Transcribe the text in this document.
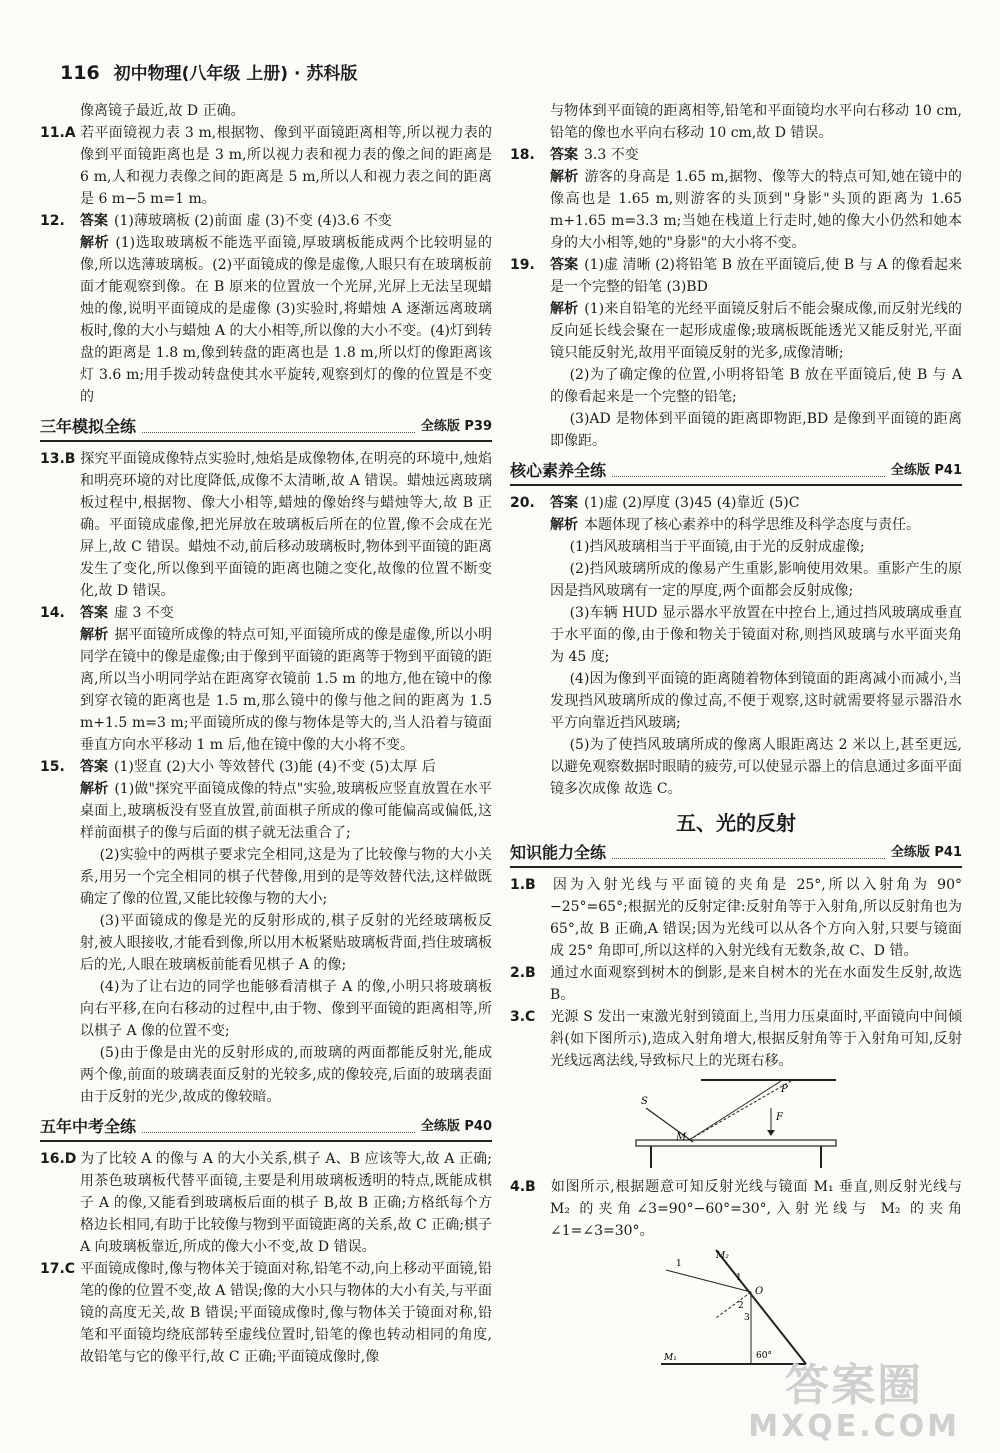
116 初中物理(八年级 上册) · 苏科版

像离镜子最近,故 D 正确。

11.A 若平面镜视力表 3 m,根据物、像到平面镜距离相等,所以视力表的像到平面镜距离也是 3 m,所以视力表和视力表的像之间的距离是 6 m,人和视力表像之间的距离是 5 m,所以人和视力表之间的距离是 6 m−5 m=1 m。

12. 答案 (1)薄玻璃板 (2)前面 虚 (3)不变 (4)3.6 不变

解析 (1)选取玻璃板不能选平面镜,厚玻璃板能成两个比较明显的像,所以选薄玻璃板。(2)平面镜成的像是虚像,人眼只有在玻璃板前面才能观察到像。在 B 原来的位置放一个光屏,光屏上无法呈现蜡烛的像,说明平面镜成的是虚像 (3)实验时,将蜡烛 A 逐渐远离玻璃板时,像的大小与蜡烛 A 的大小相等,所以像的大小不变。(4)灯到转盘的距离是 1.8 m,像到转盘的距离也是 1.8 m,所以灯的像距离该灯 3.6 m;用手拨动转盘使其水平旋转,观察到灯的像的位置是不变的

三年模拟全练	全练版 P39

13.B 探究平面镜成像特点实验时,烛焰是成像物体,在明亮的环境中,烛焰和明亮环境的对比度降低,成像不太清晰,故 A 错误。蜡烛远离玻璃板过程中,根据物、像大小相等,蜡烛的像始终与蜡烛等大,故 B 正确。平面镜成虚像,把光屏放在玻璃板后所在的位置,像不会成在光屏上,故 C 错误。蜡烛不动,前后移动玻璃板时,物体到平面镜的距离发生了变化,所以像到平面镜的距离也随之变化,故像的位置不断变化,故 D 错误。

14. 答案 虚 3 不变

解析 据平面镜所成像的特点可知,平面镜所成的像是虚像,所以小明同学在镜中的像是虚像;由于像到平面镜的距离等于物到平面镜的距离,所以当小明同学站在距离穿衣镜前 1.5 m 的地方,他在镜中的像到穿衣镜的距离也是 1.5 m,那么镜中的像与他之间的距离为 1.5 m+1.5 m=3 m;平面镜所成的像与物体是等大的,当人沿着与镜面垂直方向水平移动 1 m 后,他在镜中像的大小将不变。

15. 答案 (1)竖直 (2)大小 等效替代 (3)能 (4)不变 (5)太厚 后

解析 (1)做"探究平面镜成像的特点"实验,玻璃板应竖直放置在水平桌面上,玻璃板没有竖直放置,前面棋子所成的像可能偏高或偏低,这样前面棋子的像与后面的棋子就无法重合了;

(2)实验中的两棋子要求完全相同,这是为了比较像与物的大小关系,用另一个完全相同的棋子代替像,用到的是等效替代法,这样做既确定了像的位置,又能比较像与物的大小;

(3)平面镜成的像是光的反射形成的,棋子反射的光经玻璃板反射,被人眼接收,才能看到像,所以用木板紧贴玻璃板背面,挡住玻璃板后的光,人眼在玻璃板前能看见棋子 A 的像;

(4)为了让右边的同学也能够看清棋子 A 的像,小明只将玻璃板向右平移,在向右移动的过程中,由于物、像到平面镜的距离相等,所以棋子 A 像的位置不变;

(5)由于像是由光的反射形成的,而玻璃的两面都能反射光,能成两个像,前面的玻璃表面反射的光较多,成的像较亮,后面的玻璃表面由于反射的光少,故成的像较暗。

五年中考全练	全练版 P40

16.D 为了比较 A 的像与 A 的大小关系,棋子 A、B 应该等大,故 A 正确;用茶色玻璃板代替平面镜,主要是利用玻璃板透明的特点,既能成棋子 A 的像,又能看到玻璃板后面的棋子 B,故 B 正确;方格纸每个方格边长相同,有助于比较像与物到平面镜距离的关系,故 C 正确;棋子 A 向玻璃板靠近,所成的像大小不变,故 D 错误。

17.C 平面镜成像时,像与物体关于镜面对称,铅笔不动,向上移动平面镜,铅笔的像的位置不变,故 A 错误;像的大小只与物体的大小有关,与平面镜的高度无关,故 B 错误;平面镜成像时,像与物体关于镜面对称,铅笔和平面镜均绕底部转至虚线位置时,铅笔的像也转动相同的角度,故铅笔与它的像平行,故 C 正确;平面镜成像时,像

与物体到平面镜的距离相等,铅笔和平面镜均水平向右移动 10 cm,铅笔的像也水平向右移动 10 cm,故 D 错误。

18. 答案 3.3 不变

解析 游客的身高是 1.65 m,据物、像等大的特点可知,她在镜中的像高也是 1.65 m,则游客的头顶到"身影"头顶的距离为 1.65 m+1.65 m=3.3 m;当她在栈道上行走时,她的像大小仍然和她本身的大小相等,她的"身影"的大小将不变。

19. 答案 (1)虚 清晰 (2)将铅笔 B 放在平面镜后,使 B 与 A 的像看起来是一个完整的铅笔 (3)BD

解析 (1)来自铅笔的光经平面镜反射后不能会聚成像,而反射光线的反向延长线会聚在一起形成虚像;玻璃板既能透光又能反射光,平面镜只能反射光,故用平面镜反射的光多,成像清晰;

(2)为了确定像的位置,小明将铅笔 B 放在平面镜后,使 B 与 A 的像看起来是一个完整的铅笔;

(3)AD 是物体到平面镜的距离即物距,BD 是像到平面镜的距离即像距。

核心素养全练	全练版 P41

20. 答案 (1)虚 (2)厚度 (3)45 (4)靠近 (5)C

解析 本题体现了核心素养中的科学思维及科学态度与责任。

(1)挡风玻璃相当于平面镜,由于光的反射成虚像;

(2)挡风玻璃所成的像易产生重影,影响使用效果。重影产生的原因是挡风玻璃有一定的厚度,两个面都会反射成像;

(3)车辆 HUD 显示器水平放置在中控台上,通过挡风玻璃成垂直于水平面的像,由于像和物关于镜面对称,则挡风玻璃与水平面夹角为 45 度;

(4)因为像到平面镜的距离随着物体到镜面的距离减小而减小,当发现挡风玻璃所成的像过高,不便于观察,这时就需要将显示器沿水平方向靠近挡风玻璃;

(5)为了使挡风玻璃所成的像离人眼距离达 2 米以上,甚至更远,以避免观察数据时眼睛的疲劳,可以使显示器上的信息通过多面平面镜多次成像 故选 C。

五、光的反射
知识能力全练	全练版 P41

1.B 因为入射光线与平面镜的夹角是 25°,所以入射角为 90°−25°=65°;根据光的反射定律:反射角等于入射角,所以反射角也为 65°,故 B 正确,A 错误;因为光线可以从各个方向入射,只要与镜面成 25° 角即可,所以这样的入射光线有无数条,故 C、D 错。

2.B 通过水面观察到树木的倒影,是来自树木的光在水面发生反射,故选 B。

3.C 光源 S 发出一束激光射到镜面上,当用力压桌面时,平面镜向中间倾斜(如下图所示),造成入射角增大,根据反射角等于入射角可知,反射光线远离法线,导致标尺上的光斑右移。

S
M
P
F

4.B 如图所示,根据题意可知反射光线与镜面 M₁ 垂直,则反射光线与 M₂ 的夹角∠3=90°−60°=30°,入射光线与 M₂ 的夹角∠1=∠3=30°。

1
1
2
3
O
M₂
M₁	60°
答案圈
MXQE.COM
